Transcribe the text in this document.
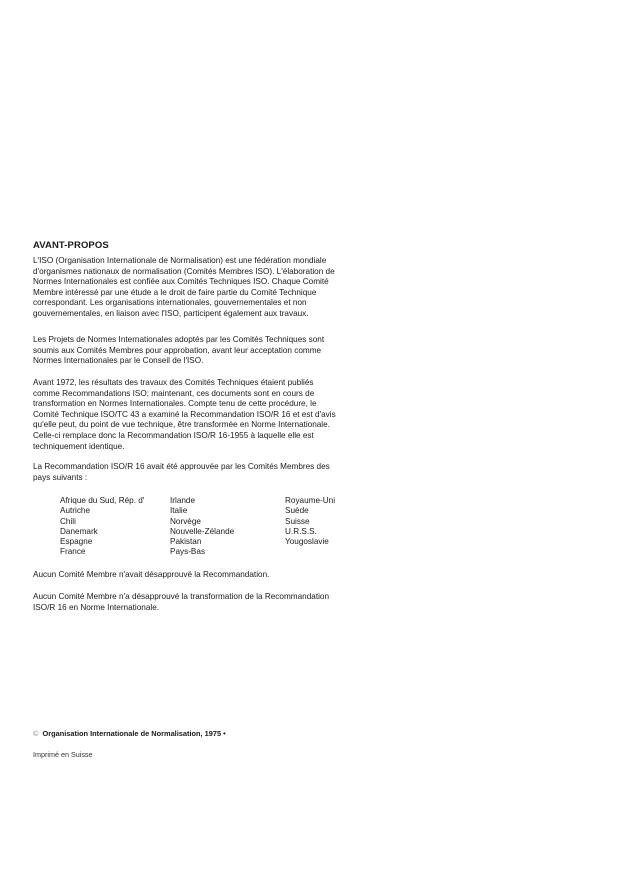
AVANT-PROPOS
L'ISO (Organisation Internationale de Normalisation) est une fédération mondiale
d'organismes nationaux de normalisation (Comités Membres ISO). L'élaboration de
Normes Internationales est confiée aux Comités Techniques ISO. Chaque Comité
Membre intéressé par une étude a le droit de faire partie du Comité Technique
correspondant. Les organisations internationales, gouvernementales et non
gouvernementales, en liaison avec l'ISO, participent également aux travaux.
Les Projets de Normes Internationales adoptés par les Comités Techniques sont
soumis aux Comités Membres pour approbation, avant leur acceptation comme
Normes Internationales par le Conseil de l'ISO.
Avant 1972, les résultats des travaux des Comités Techniques étaient publiés
comme Recommandations ISO; maintenant, ces documents sont en cours de
transformation en Normes Internationales. Compte tenu de cette procédure, le
Comité Technique ISO/TC 43 a examiné la Recommandation ISO/R 16 et est d'avis
qu'elle peut, du point de vue technique, être transformée en Norme Internationale.
Celle-ci remplace donc la Recommandation ISO/R 16-1955 à laquelle elle est
techniquement identique.
La Recommandation ISO/R 16 avait été approuvée par les Comités Membres des
pays suivants :
Afrique du Sud, Rép. d'
Autriche
Chili
Danemark
Espagne
France
Irlande
Italie
Norvège
Nouvelle-Zélande
Pakistan
Pays-Bas
Royaume-Uni
Suède
Suisse
U.R.S.S.
Yougoslavie
Aucun Comité Membre n'avait désapprouvé la Recommandation.
Aucun Comité Membre n'a désapprouvé la transformation de la Recommandation
ISO/R 16 en Norme Internationale.
© Organisation Internationale de Normalisation, 1975 •
Imprimé en Suisse
